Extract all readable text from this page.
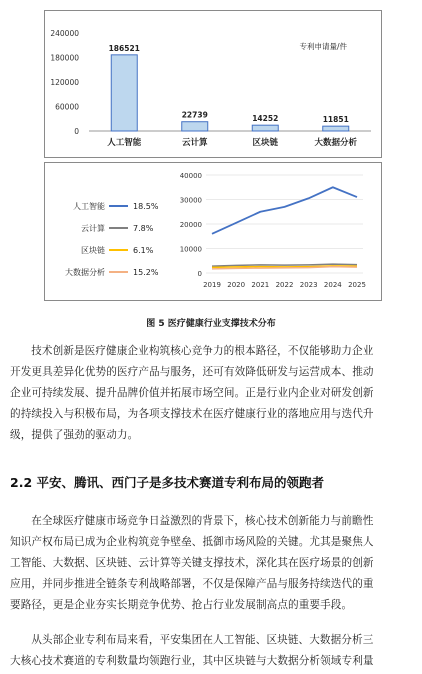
240000
180000
120000
60000
0
专利申请量/件
186521
人工智能
22739
云计算
14252
区块链
11851
大数据分析
40000
30000
20000
10000
0
2019 2020 2021 2022 2023 2024 2025
人工智能	18.5%
云计算	7.8%
区块链	6.1%
大数据分析	15.2%
图 5 医疗健康行业支撑技术分布
技术创新是医疗健康企业构筑核心竞争力的根本路径，不仅能够助力企业
开发更具差异化优势的医疗产品与服务，还可有效降低研发与运营成本、推动
企业可持续发展、提升品牌价值并拓展市场空间。正是行业内企业对研发创新
的持续投入与积极布局，为各项支撑技术在医疗健康行业的落地应用与迭代升
级，提供了强劲的驱动力。
2.2 平安、腾讯、西门子是多技术赛道专利布局的领跑者
在全球医疗健康市场竞争日益激烈的背景下，核心技术创新能力与前瞻性
知识产权布局已成为企业构筑竞争壁垒、抵御市场风险的关键。尤其是聚焦人
工智能、大数据、区块链、云计算等关键支撑技术，深化其在医疗场景的创新
应用，并同步推进全链条专利战略部署，不仅是保障产品与服务持续迭代的重
要路径，更是企业夯实长期竞争优势、抢占行业发展制高点的重要手段。
从头部企业专利布局来看，平安集团在人工智能、区块链、大数据分析三
大核心技术赛道的专利数量均领跑行业，其中区块链与大数据分析领域专利量
